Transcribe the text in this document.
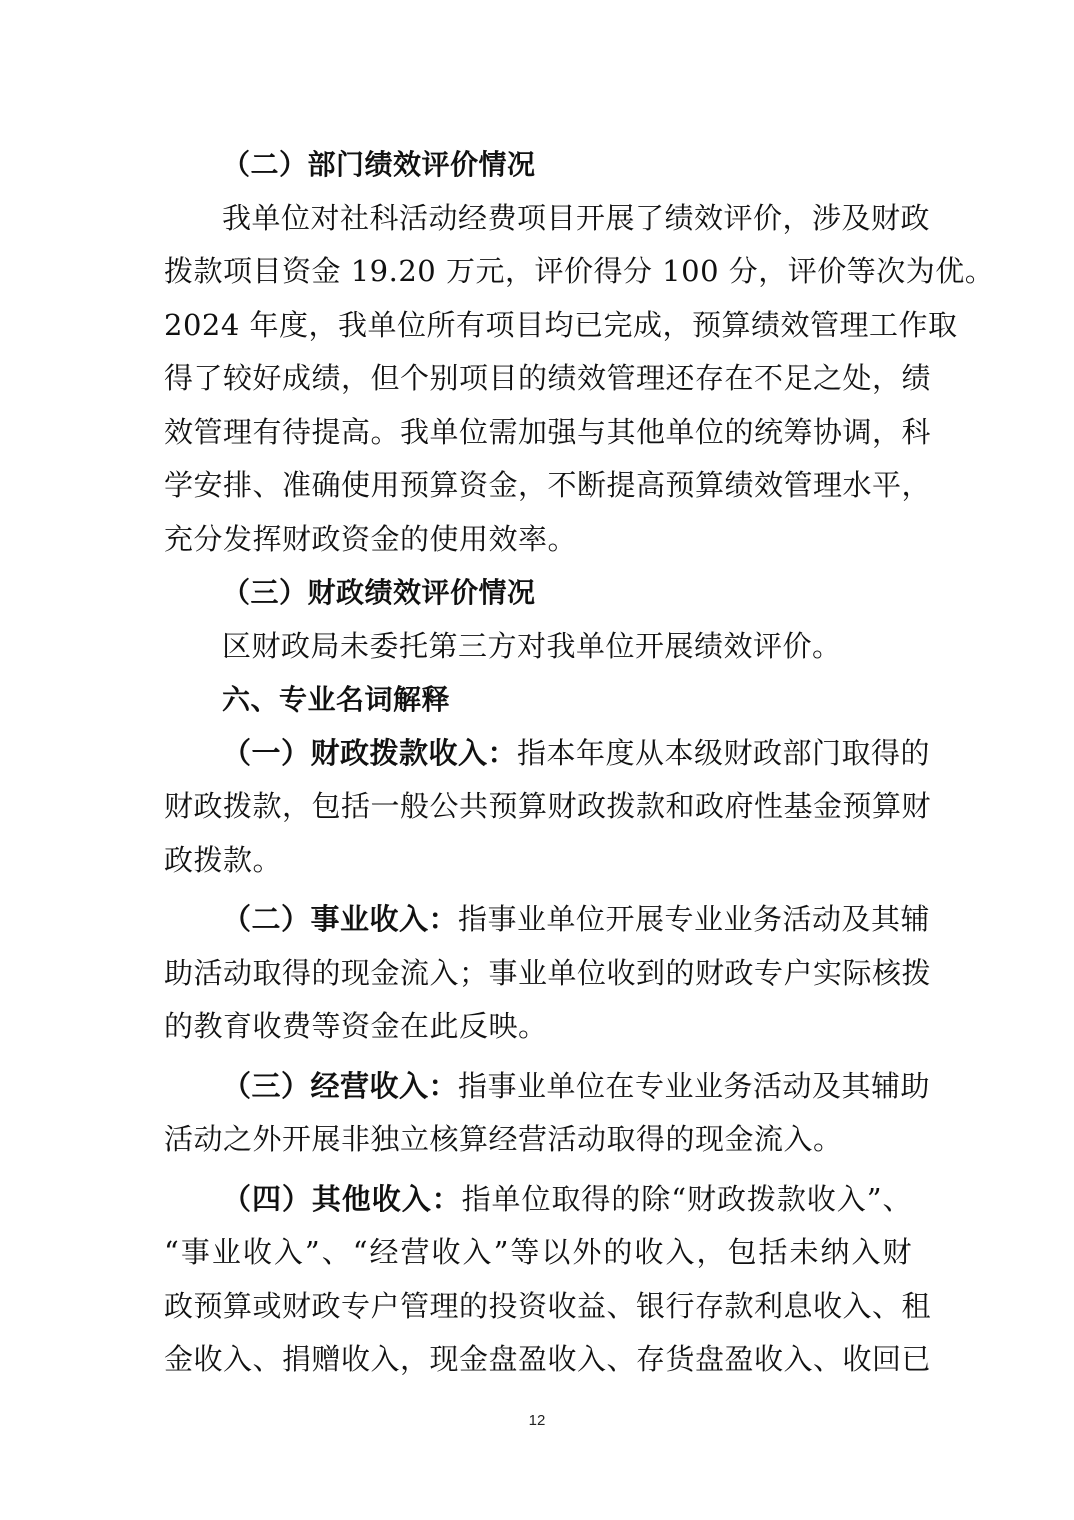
（二）部门绩效评价情况
我单位对社科活动经费项目开展了绩效评价，涉及财政
拨款项目资金 19.20 万元，评价得分 100 分，评价等次为优。
2024 年度，我单位所有项目均已完成，预算绩效管理工作取
得了较好成绩，但个别项目的绩效管理还存在不足之处，绩
效管理有待提高。我单位需加强与其他单位的统筹协调，科
学安排、准确使用预算资金，不断提高预算绩效管理水平，
充分发挥财政资金的使用效率。
（三）财政绩效评价情况
区财政局未委托第三方对我单位开展绩效评价。
六、专业名词解释
（一）财政拨款收入：指本年度从本级财政部门取得的
财政拨款，包括一般公共预算财政拨款和政府性基金预算财
政拨款。
（二）事业收入：指事业单位开展专业业务活动及其辅
助活动取得的现金流入；事业单位收到的财政专户实际核拨
的教育收费等资金在此反映。
（三）经营收入：指事业单位在专业业务活动及其辅助
活动之外开展非独立核算经营活动取得的现金流入。
（四）其他收入：指单位取得的除“财政拨款收入”、
“事业收入”、“经营收入”等以外的收入，包括未纳入财
政预算或财政专户管理的投资收益、银行存款利息收入、租
金收入、捐赠收入，现金盘盈收入、存货盘盈收入、收回已
12
